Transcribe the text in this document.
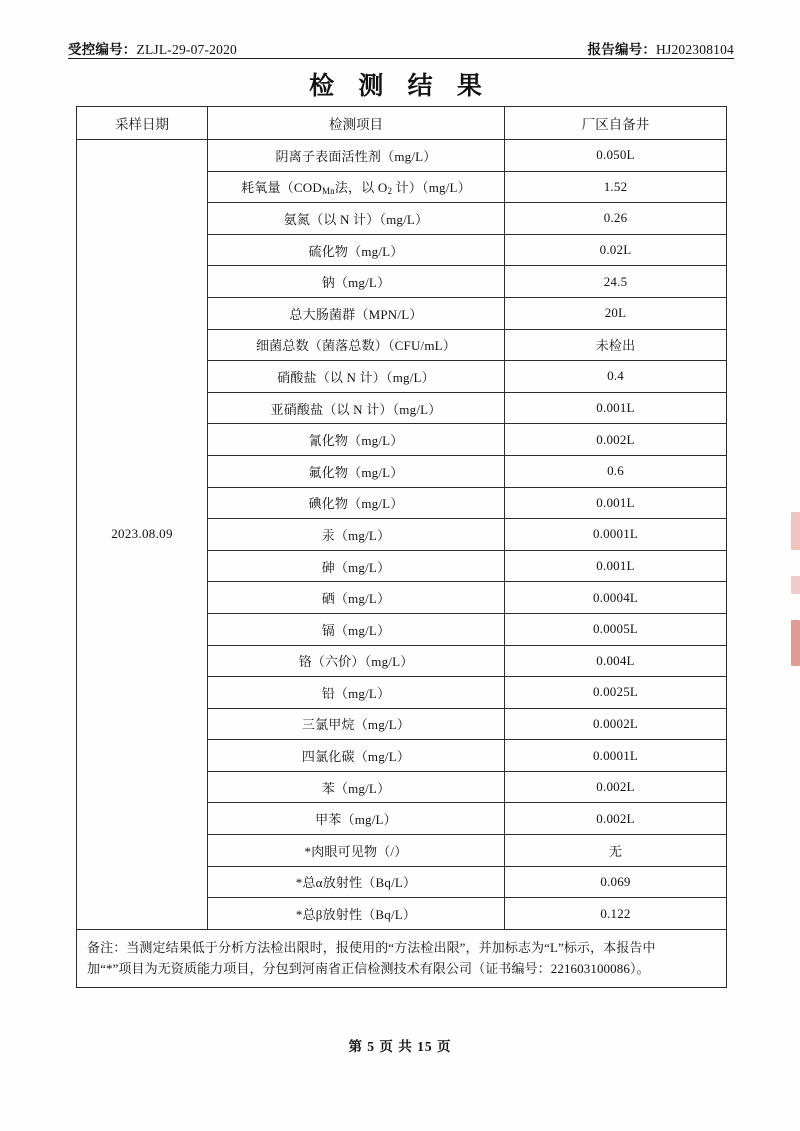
受控编号：ZLJL-29-07-2020	报告编号：HJ202308104
检 测 结 果
采样日期	检测项目	厂区自备井
2023.08.09	阴离子表面活性剂（mg/L）	0.050L
	耗氧量（$COD_{Mn}$法，以 $O_2$ 计）（mg/L）	1.52
	氨氮（以 N 计）（mg/L）	0.26
	硫化物（mg/L）	0.02L
	钠（mg/L）	24.5
	总大肠菌群（MPN/L）	20L
	细菌总数（菌落总数）（CFU/mL）	未检出
	硝酸盐（以 N 计）（mg/L）	0.4
	亚硝酸盐（以 N 计）（mg/L）	0.001L
	氰化物（mg/L）	0.002L
	氟化物（mg/L）	0.6
	碘化物（mg/L）	0.001L
	汞（mg/L）	0.0001L
	砷（mg/L）	0.001L
	硒（mg/L）	0.0004L
	镉（mg/L）	0.0005L
	铬（六价）（mg/L）	0.004L
	铅（mg/L）	0.0025L
	三氯甲烷（mg/L）	0.0002L
	四氯化碳（mg/L）	0.0001L
	苯（mg/L）	0.002L
	甲苯（mg/L）	0.002L
	*肉眼可见物（/）	无
	*总α放射性（Bq/L）	0.069
	*总β放射性（Bq/L）	0.122

备注：当测定结果低于分析方法检出限时，报使用的“方法检出限”，并加标志为“L”标示，本报告中
加“*”项目为无资质能力项目，分包到河南省正信检测技术有限公司（证书编号：221603100086）。		
第 5 页 共 15 页
